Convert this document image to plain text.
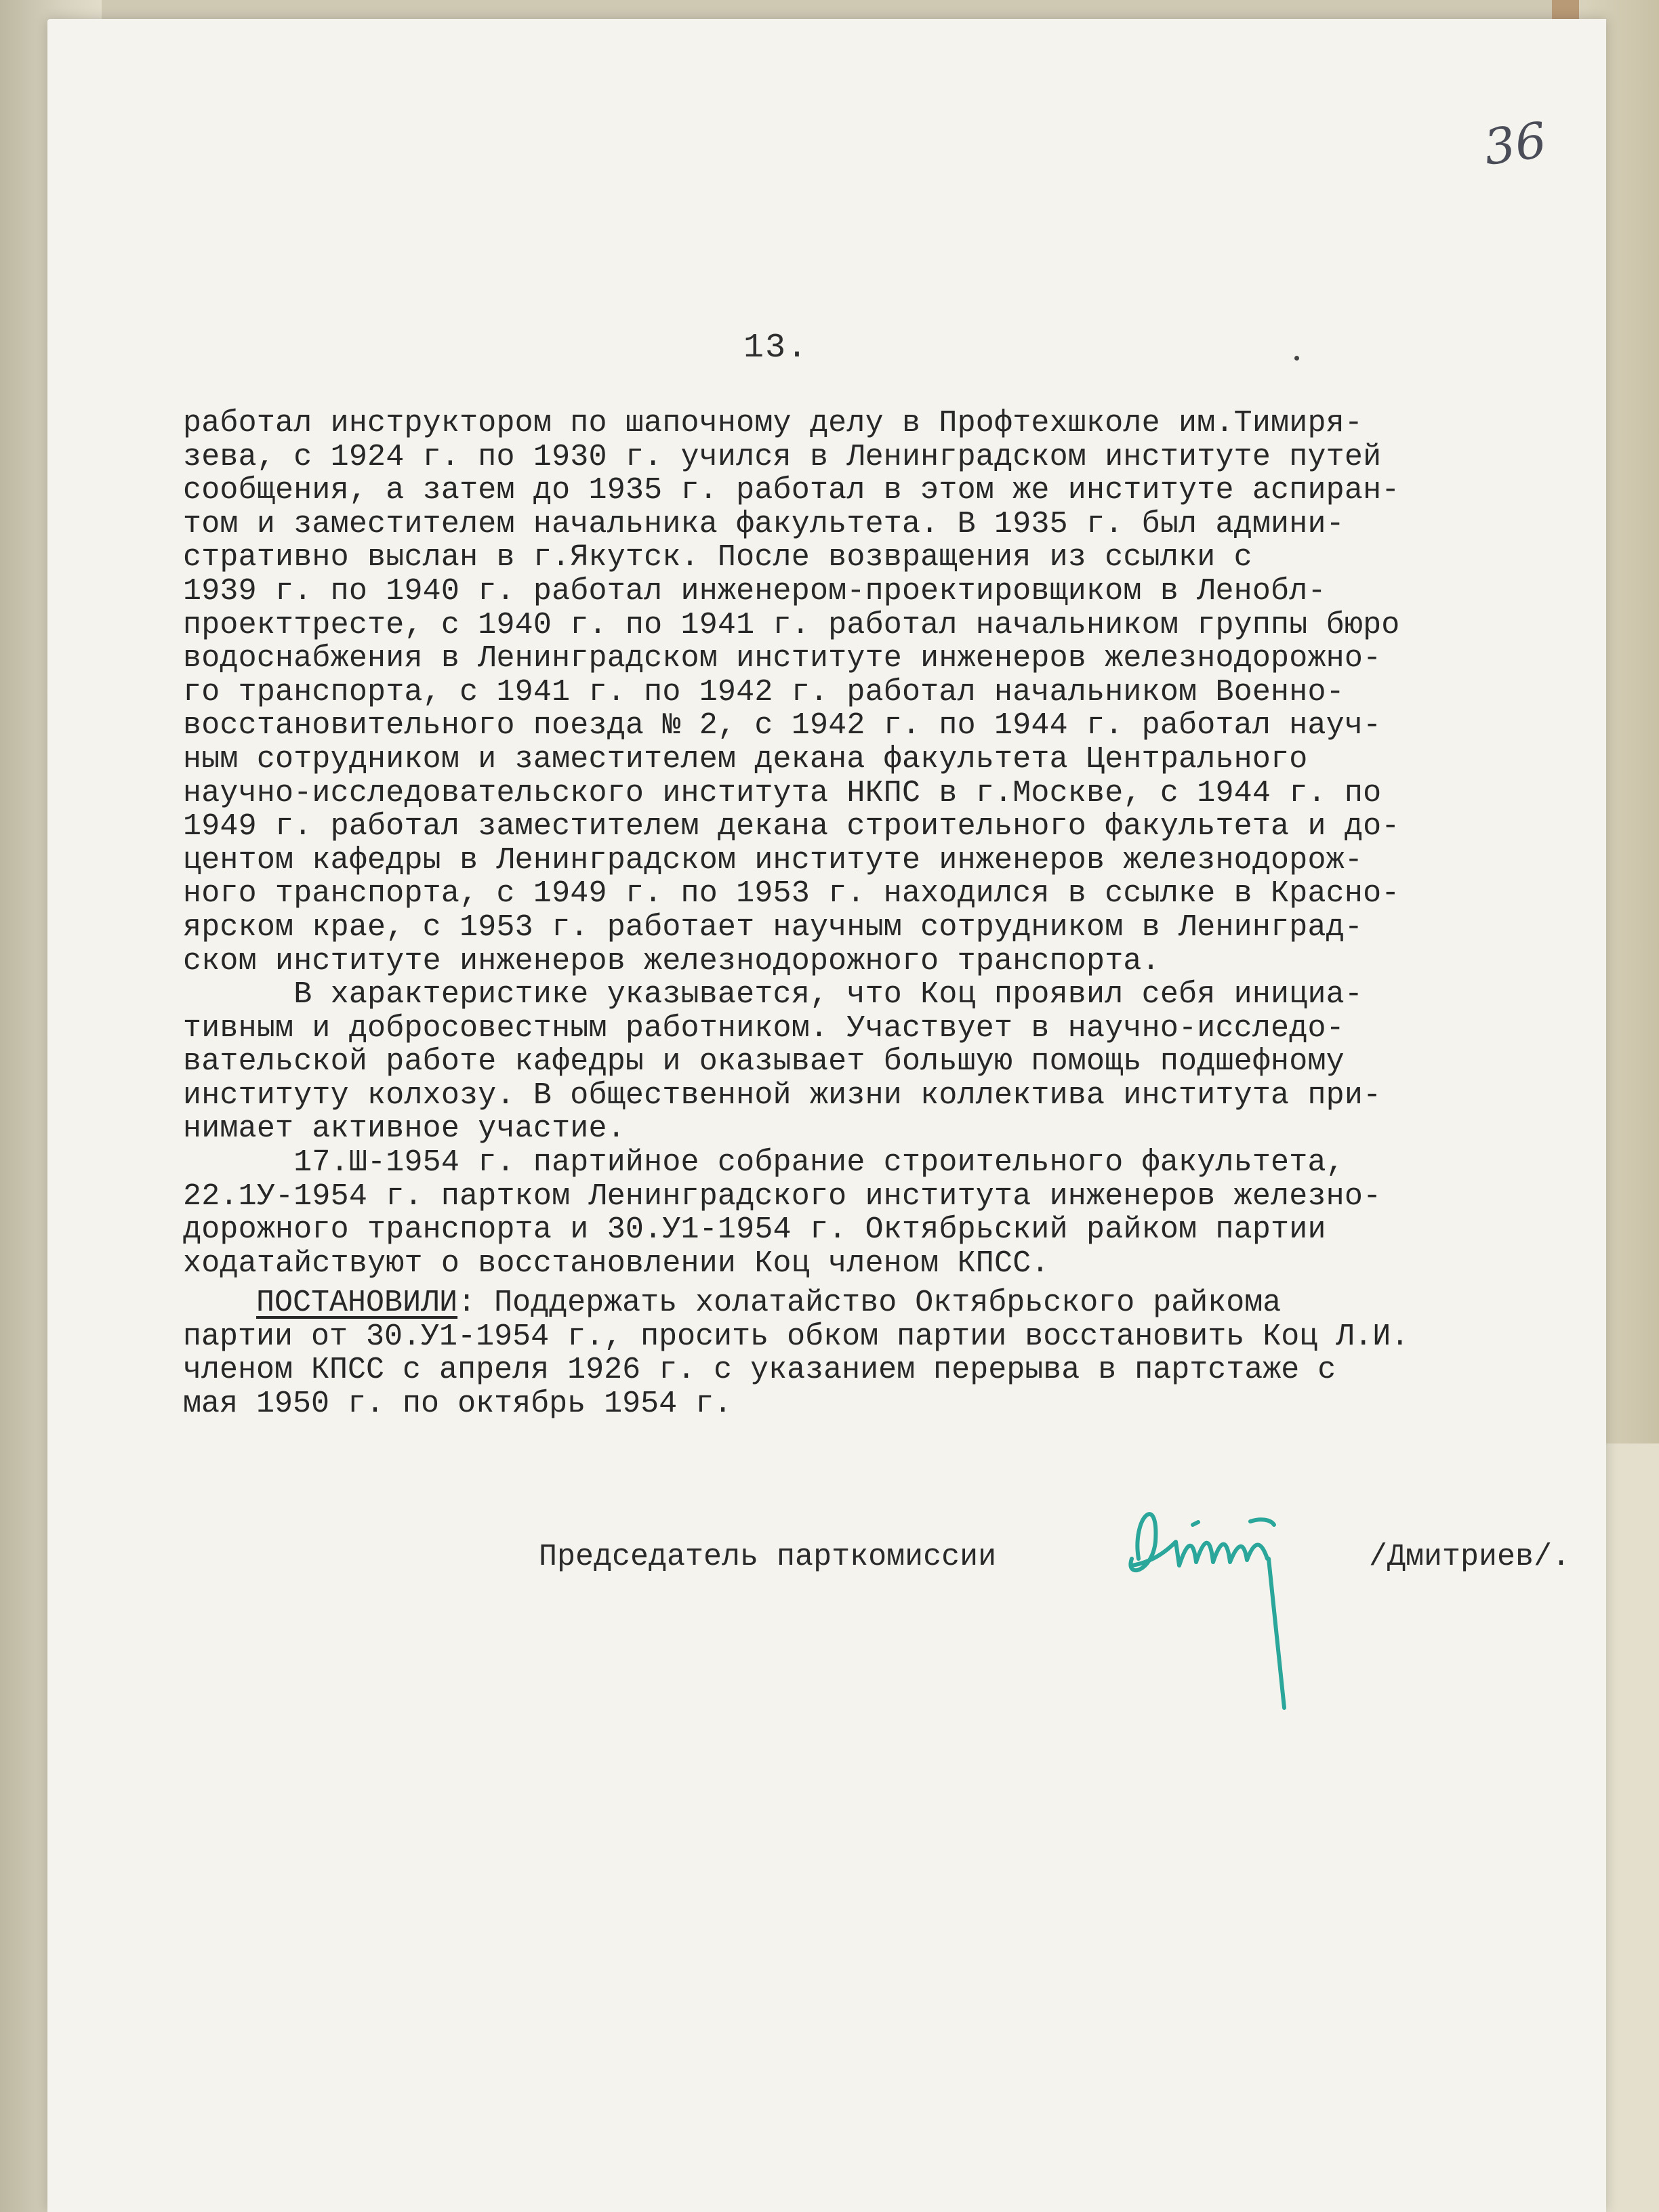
36
13.
работал инструктором по шапочному делу в Профтехшколе им.Тимиря-
зева, с 1924 г. по 1930 г. учился в Ленинградском институте путей
сообщения, а затем до 1935 г. работал в этом же институте аспиран-
том и заместителем начальника факультета. В 1935 г. был админи-
стративно выслан в г.Якутск. После возвращения из ссылки с
1939 г. по 1940 г. работал инженером-проектировщиком в Ленобл-
проекттресте, с 1940 г. по 1941 г. работал начальником группы бюро
водоснабжения в Ленинградском институте инженеров железнодорожно-
го транспорта, с 1941 г. по 1942 г. работал начальником Военно-
восстановительного поезда № 2, с 1942 г. по 1944 г. работал науч-
ным сотрудником и заместителем декана факультета Центрального
научно-исследовательского института НКПС в г.Москве, с 1944 г. по
1949 г. работал заместителем декана строительного факультета и до-
центом кафедры в Ленинградском институте инженеров железнодорож-
ного транспорта, с 1949 г. по 1953 г. находился в ссылке в Красно-
ярском крае, с 1953 г. работает научным сотрудником в Ленинград-
ском институте инженеров железнодорожного транспорта.
В характеристике указывается, что Коц проявил себя инициа-
тивным и добросовестным работником. Участвует в научно-исследо-
вательской работе кафедры и оказывает большую помощь подшефному
институту колхозу. В общественной жизни коллектива института при-
нимает активное участие.
17.Ш-1954 г. партийное собрание строительного факультета,
22.1У-1954 г. партком Ленинградского института инженеров железно-
дорожного транспорта и 30.У1-1954 г. Октябрьский райком партии
ходатайствуют о восстановлении Коц членом КПСС.
ПОСТАНОВИЛИ: Поддержать холатайство Октябрьского райкома
партии от 30.У1-1954 г., просить обком партии восстановить Коц Л.И.
членом КПСС с апреля 1926 г. с указанием перерыва в партстаже с
мая 1950 г. по октябрь 1954 г.
Председатель парткомиссии	/Дмитриев/.
